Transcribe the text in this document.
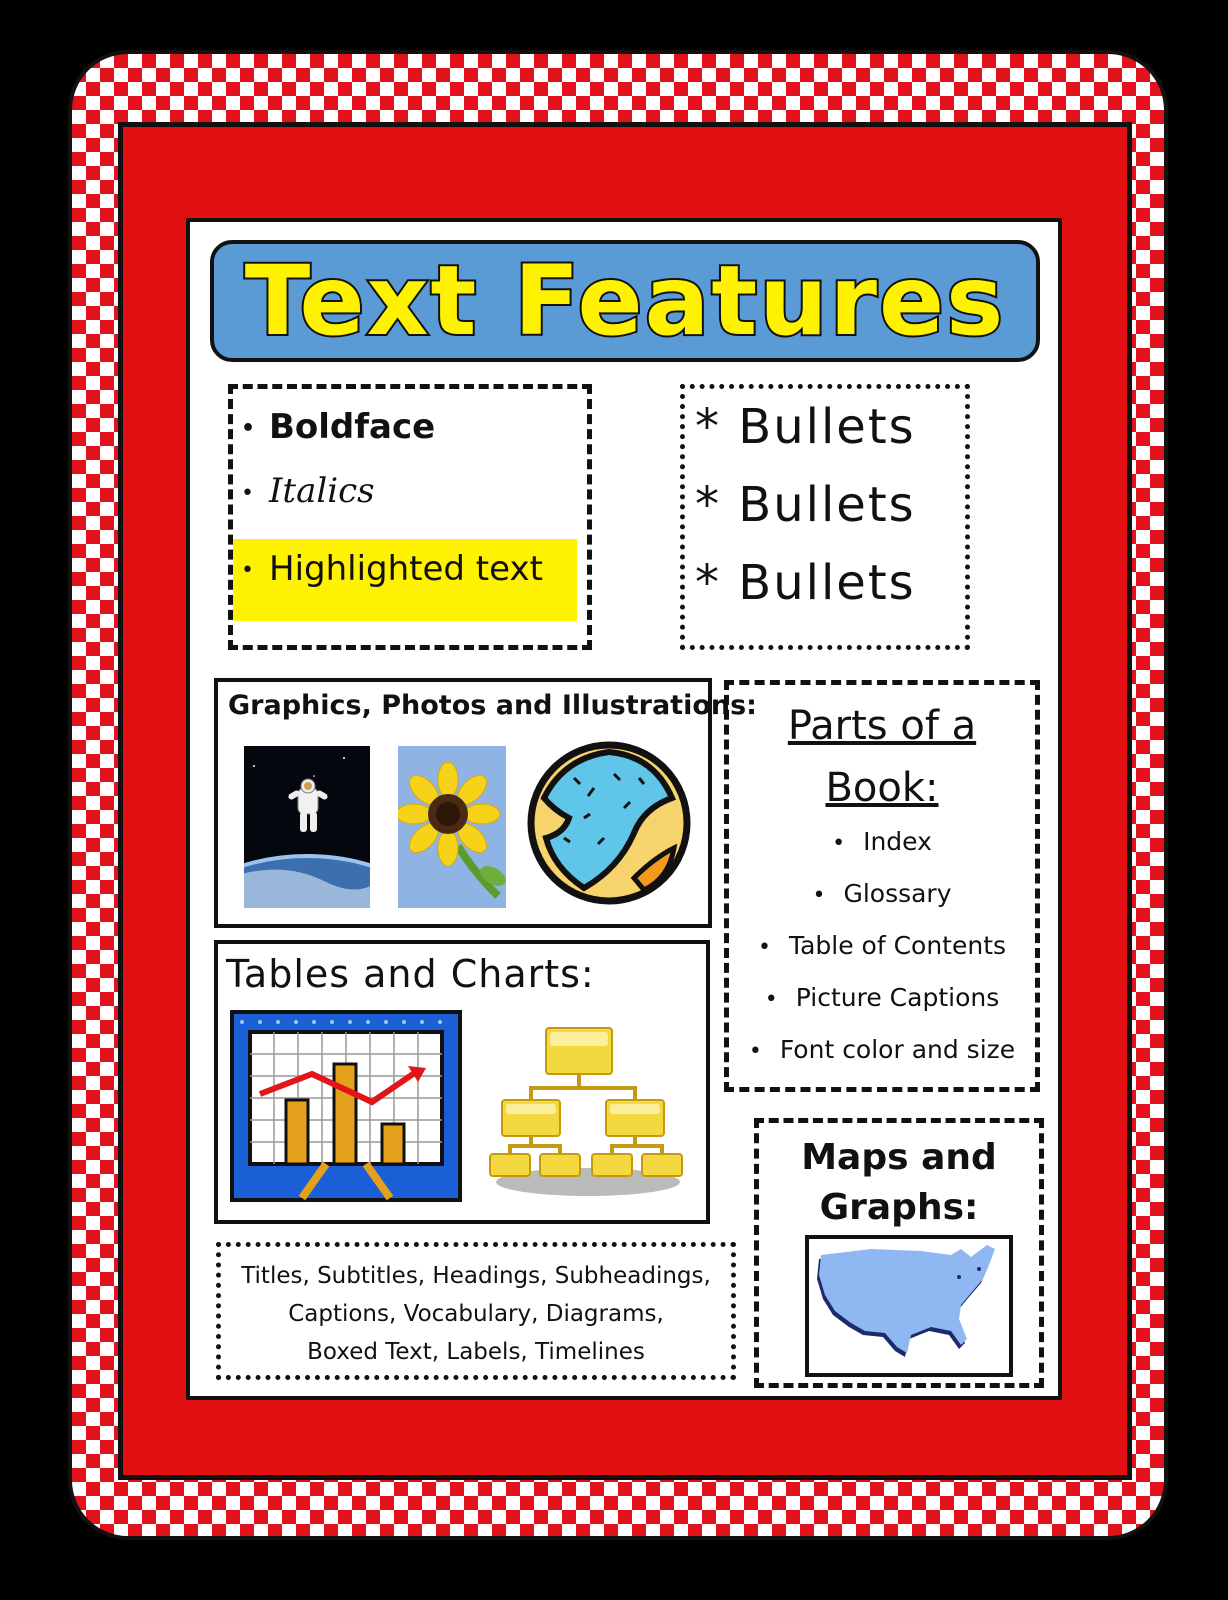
Text Features
• Boldface
• Italics
• Highlighted text
* Bullets
* Bullets
* Bullets
Graphics, Photos and Illustrations:
Tables and Charts:
Titles, Subtitles, Headings, Subheadings,
Captions, Vocabulary, Diagrams,
Boxed Text, Labels, Timelines
Parts of a
Book:
• Index
• Glossary
• Table of Contents
• Picture Captions
• Font color and size
Maps and
Graphs:
